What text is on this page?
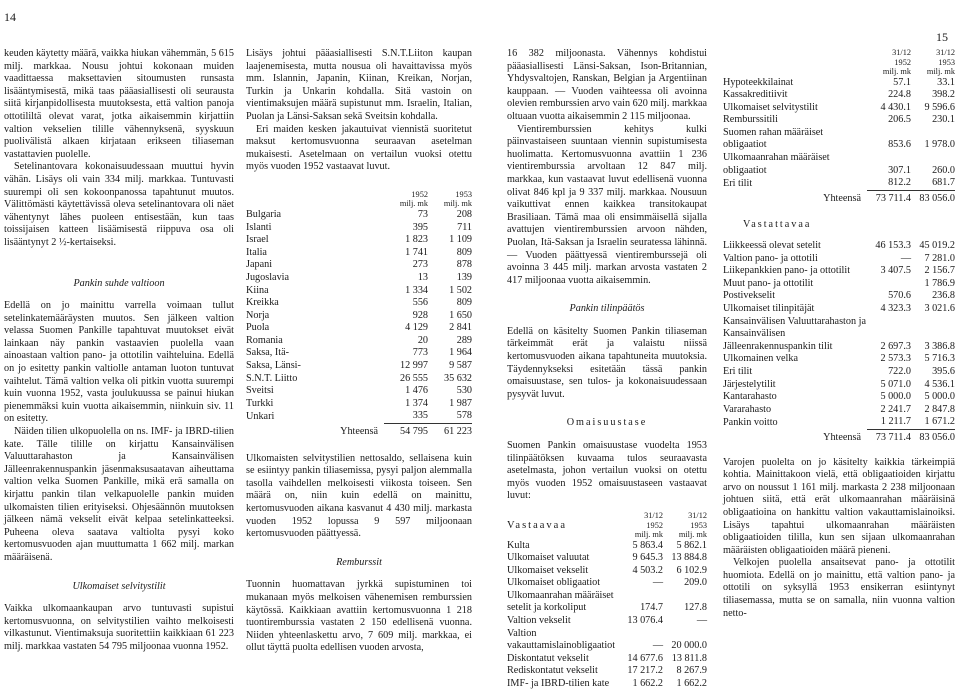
14
15

keuden käytetty määrä, vaikka hiukan vähemmän, 5 615 milj. markkaa. Nousu johtui kokonaan muiden vaadittaessa maksettavien sitoumusten runsasta lisääntymisestä, mikä taas pääasiallisesti oli seurausta siitä kirjanpidollisesta muutoksesta, että valtion panoja ottotililtä olevat varat, jotka aikaisemmin kirjattiin valtion vekselien tilille vähennyksenä, syyskuun puolivälistä alkaen kirjataan erikseen tiliaseman vastattavien puolelle.

Setelinantovara kokonaisuudessaan muuttui hyvin vähän. Lisäys oli vain 334 milj. markkaa. Tuntuvasti suurempi oli sen kokoonpanossa tapahtunut muutos. Välittömästi käytettävissä oleva setelinantovara oli näet vähentynyt lähes puoleen entisestään, kun taas toissijaisen katteen lisäämisestä riippuva osa oli lisääntynyt 2 ½-kertaiseksi.

Pankin suhde valtioon

Edellä on jo mainittu varrella voimaan tullut setelinkatemääräysten muutos. Sen jälkeen valtion velassa Suomen Pankille tapahtuvat muutokset eivät lainkaan näy pankin vastaavien puolella vaan ainoastaan valtion pano- ja ottotilin vaihteluina. Edellä on jo esitetty pankin valtiolle antaman luoton tuntuvat vaihtelut. Tämä valtion velka oli pitkin vuotta suurempi kuin vuonna 1952, vasta joulukuussa se painui hiukan pienemmäksi kuin vuotta aikaisemmin, niinkuin siv. 11 on esitetty.

Näiden tilien ulkopuolella on ns. IMF- ja IBRD-tilien kate. Tälle tilille on kirjattu Kansainvälisen Valuuttarahaston ja Kansainvälisen Jälleenrakennuspankin jäsenmaksusaatavan aiheuttama valtion velka Suomen Pankille, mikä erä samalla on kirjattu pankin tilan velkapuolelle pankin muiden ulkomaisten tilien erityiseksi. Ohjesäännön muutoksen jälkeen nämä vekselit eivät kelpaa setelinkatteeksi. Puheena oleva saatava valtiolta pysyi koko kertomusvuoden ajan muuttumatta 1 662 milj. markan määräisenä.

Ulkomaiset selvitystilit

Vaikka ulkomaankaupan arvo tuntuvasti supistui kertomusvuonna, on selvitystilien vaihto melkoisesti vilkastunut. Vientimaksuja suoritettiin kaikkiaan 61 223 milj. markkaa vastaten 54 795 miljoonaa vuonna 1952.

Lisäys johtui pääasiallisesti S.N.T.Liiton kaupan laajenemisesta, mutta nousua oli havaittavissa myös mm. Islannin, Japanin, Kiinan, Kreikan, Norjan, Turkin ja Unkarin kohdalla. Sitä vastoin on vientimaksujen määrä supistunut mm. Israelin, Italian, Puolan ja Länsi-Saksan sekä Sveitsin kohdalla.

Eri maiden kesken jakautuivat viennistä suoritetut maksut kertomusvuonna seuraavan asetelman mukaisesti. Asetelmaan on vertailun vuoksi otettu myös vuoden 1952 vastaavat luvut.

	1952	1953
	milj. mk	milj. mk
Bulgaria	73	208
Islanti	395	711
Israel	1 823	1 109
Italia	1 741	809
Japani	273	878
Jugoslavia	13	139
Kiina	1 334	1 502
Kreikka	556	809
Norja	928	1 650
Puola	4 129	2 841
Romania	20	289
Saksa, Itä-	773	1 964
Saksa, Länsi-	12 997	9 587
S.N.T. Liitto	26 555	35 632
Sveitsi	1 476	530
Turkki	1 374	1 987
Unkari	335	578
Yhteensä	54 795	61 223

Ulkomaisten selvitystilien nettosaldo, sellaisena kuin se esiintyy pankin tiliasemissa, pysyi paljon alemmalla tasolla vaihdellen melkoisesti viikosta toiseen. Sen määrä on, niin kuin edellä on mainittu, kertomusvuoden aikana kasvanut 4 430 milj. markasta vuoden 1952 lopussa 9 597 miljoonaan kertomusvuoden päättyessä.

Remburssit

Tuonnin huomattavan jyrkkä supistuminen toi mukanaan myös melkoisen vähenemisen remburssien käytössä. Kaikkiaan avattiin kertomusvuonna 1 218 tuontiremburssia vastaten 2 150 edellisenä vuonna. Niiden yhteenlaskettu arvo, 7 609 milj. markkaa, ei ollut täyttä puolta edellisen vuoden arvosta,

16 382 miljoonasta. Vähennys kohdistui pääasiallisesti Länsi-Saksan, Ison-Britannian, Yhdysvaltojen, Ranskan, Belgian ja Argentiinan kauppaan. — Vuoden vaihteessa oli avoinna olevien remburssien arvo vain 620 milj. markkaa oltuaan vuotta aikaisemmin 2 115 miljoonaa.

Vientiremburssien kehitys kulki päinvastaiseen suuntaan viennin supistumisesta huolimatta. Kertomusvuonna avattiin 1 236 vientiremburssia arvoltaan 12 847 milj. markkaa, kun vastaavat luvut edellisenä vuonna olivat 846 kpl ja 9 337 milj. markkaa. Nousuun vaikuttivat ennen kaikkea transitokaupat Brasiliaan. Tämä maa oli ensimmäisellä sijalla avattujen vientiremburssien arvoon nähden, Puolan, Itä-Saksan ja Israelin seuratessa lähinnä. — Vuoden päättyessä vientiremburssejä oli avoinna 3 445 milj. markan arvosta vastaten 2 417 miljoonaa vuotta aikaisemmin.

Pankin tilinpäätös

Edellä on käsitelty Suomen Pankin tiliaseman tärkeimmät erät ja valaistu niissä kertomusvuoden aikana tapahtuneita muutoksia. Täydennykseksi esitetään tässä pankin omaisuustase, sen tulos- ja kokonaisuudessaan pysyvät luvut.

Omaisuustase

Suomen Pankin omaisuustase vuodelta 1953 tilinpäätöksen kuvaama tulos seuraavasta asetelmasta, johon vertailun vuoksi on otettu myös vuoden 1952 omaisuustaseen vastaavat luvut:

Vastaavaa	31/12	31/12
	1952	1953
	milj. mk	milj. mk
Kulta	5 863.4	5 862.1
Ulkomaiset valuutat	9 645.3	13 884.8
Ulkomaiset vekselit	4 503.2	6 102.9
Ulkomaiset obligaatiot	—	209.0
Ulkomaanrahan määräiset setelit ja korkoliput	174.7	127.8
Valtion vekselit	13 076.4	—
Valtion vakauttamislainobligaatiot	—	20 000.0
Diskontatut vekselit	14 677.6	13 811.8
Rediskontatut vekselit	17 217.2	8 267.9
IMF- ja IBRD-tilien kate	1 662.2	1 662.2
	31/12	31/12
	1952	1953
	milj. mk	milj. mk
Hypoteekkilainat	57.1	33.1
Kassakreditiivit	224.8	398.2
Ulkomaiset selvitystilit	4 430.1	9 596.6
Remburssitili	206.5	230.1
Suomen rahan määräiset obligaatiot	853.6	1 978.0
Ulkomaanrahan määräiset obligaatiot	307.1	260.0
Eri tilit	812.2	681.7
Yhteensä	73 711.4	83 056.0
Vastattavaa
Liikkeessä olevat setelit	46 153.3	45 019.2
Valtion pano- ja ottotili	—	7 281.0
Liikepankkien pano- ja ottotilit	3 407.5	2 156.7
Muut pano- ja ottotilit		1 786.9
Postivekselit	570.6	236.8
Ulkomaiset tilinpitäjät	4 323.3	3 021.6
Kansainvälisen Valuuttarahaston ja Kansainvälisen Jälleenrakennuspankin tilit	2 697.3	3 386.8
Ulkomainen velka	2 573.3	5 716.3
Eri tilit	722.0	395.6
Järjestelytilit	5 071.0	4 536.1
Kantarahasto	5 000.0	5 000.0
Vararahasto	2 241.7	2 847.8
Pankin voitto	1 211.7	1 671.2
Yhteensä	73 711.4	83 056.0

Varojen puolelta on jo käsitelty kaikkia tärkeimpiä kohtia. Mainittakoon vielä, että obligaatioiden kirjattu arvo on noussut 1 161 milj. markasta 2 238 miljoonaan johtuen siitä, että erät ulkomaanrahan määräisinä obligaatioina on hankittu valtion vakauttamislainoiksi. Lisäys tapahtui ulkomaanrahan määräisten obligaatioiden tililla, kun sen sijaan ulkomaanrahan määräisten obligaatioiden määrä pieneni.

Velkojen puolella ansaitsevat pano- ja ottotilit huomiota. Edellä on jo mainittu, että valtion pano- ja ottotili on syksyllä 1953 ensikerran esiintynyt tiliasemassa, mutta se on samalla, niin vuonna valtion netto-
